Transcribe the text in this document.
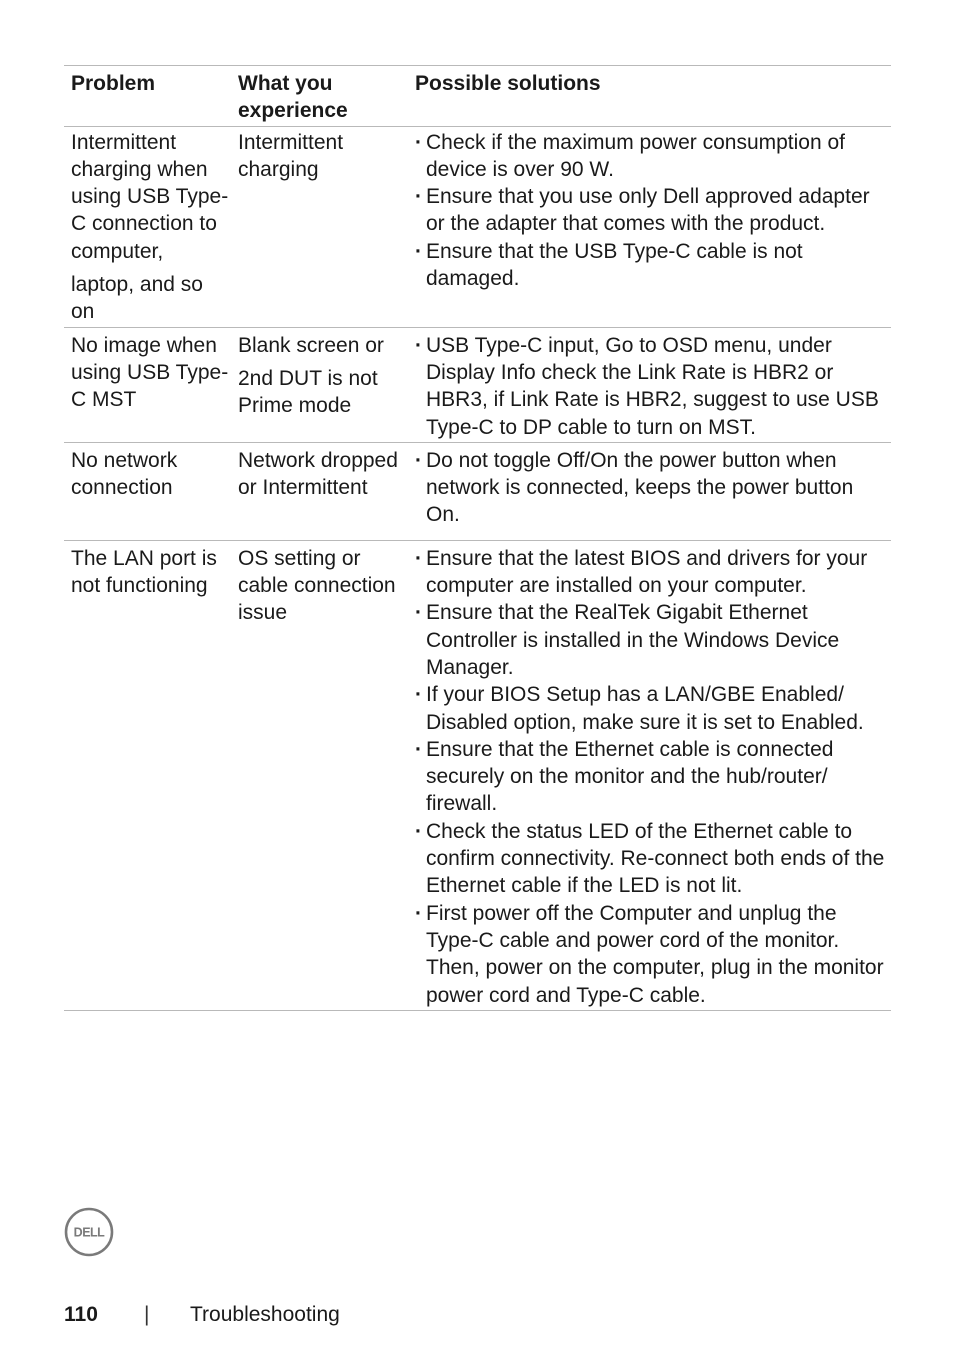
Problem	What you experience
Possible solutions

Intermittent charging when using USB Type-C connection to computer,

laptop, and so on

Intermittent charging

· Check if the maximum power consumption of device is over 90 W.
· Ensure that you use only Dell approved adapter or the adapter that comes with the product.
· Ensure that the USB Type-C cable is not damaged.

No image when using USB Type-C MST

Blank screen or

2nd DUT is not Prime mode

· USB Type-C input, Go to OSD menu, under Display Info check the Link Rate is HBR2 or HBR3, if Link Rate is HBR2, suggest to use USB Type-C to DP cable to turn on MST.

No network connection

Network dropped or Intermittent

· Do not toggle Off/On the power button when network is connected, keeps the power button On.

The LAN port is not functioning

OS setting or cable connection issue

· Ensure that the latest BIOS and drivers for your computer are installed on your computer.
· Ensure that the RealTek Gigabit Ethernet Controller is installed in the Windows Device Manager.
· If your BIOS Setup has a LAN/GBE Enabled/ Disabled option, make sure it is set to Enabled.
· Ensure that the Ethernet cable is connected securely on the monitor and the hub/router/ firewall.
· Check the status LED of the Ethernet cable to confirm connectivity. Re-connect both ends of the Ethernet cable if the LED is not lit.
· First power off the Computer and unplug the Type-C cable and power cord of the monitor. Then, power on the computer, plug in the monitor power cord and Type-C cable.
DELL
110 | Troubleshooting
